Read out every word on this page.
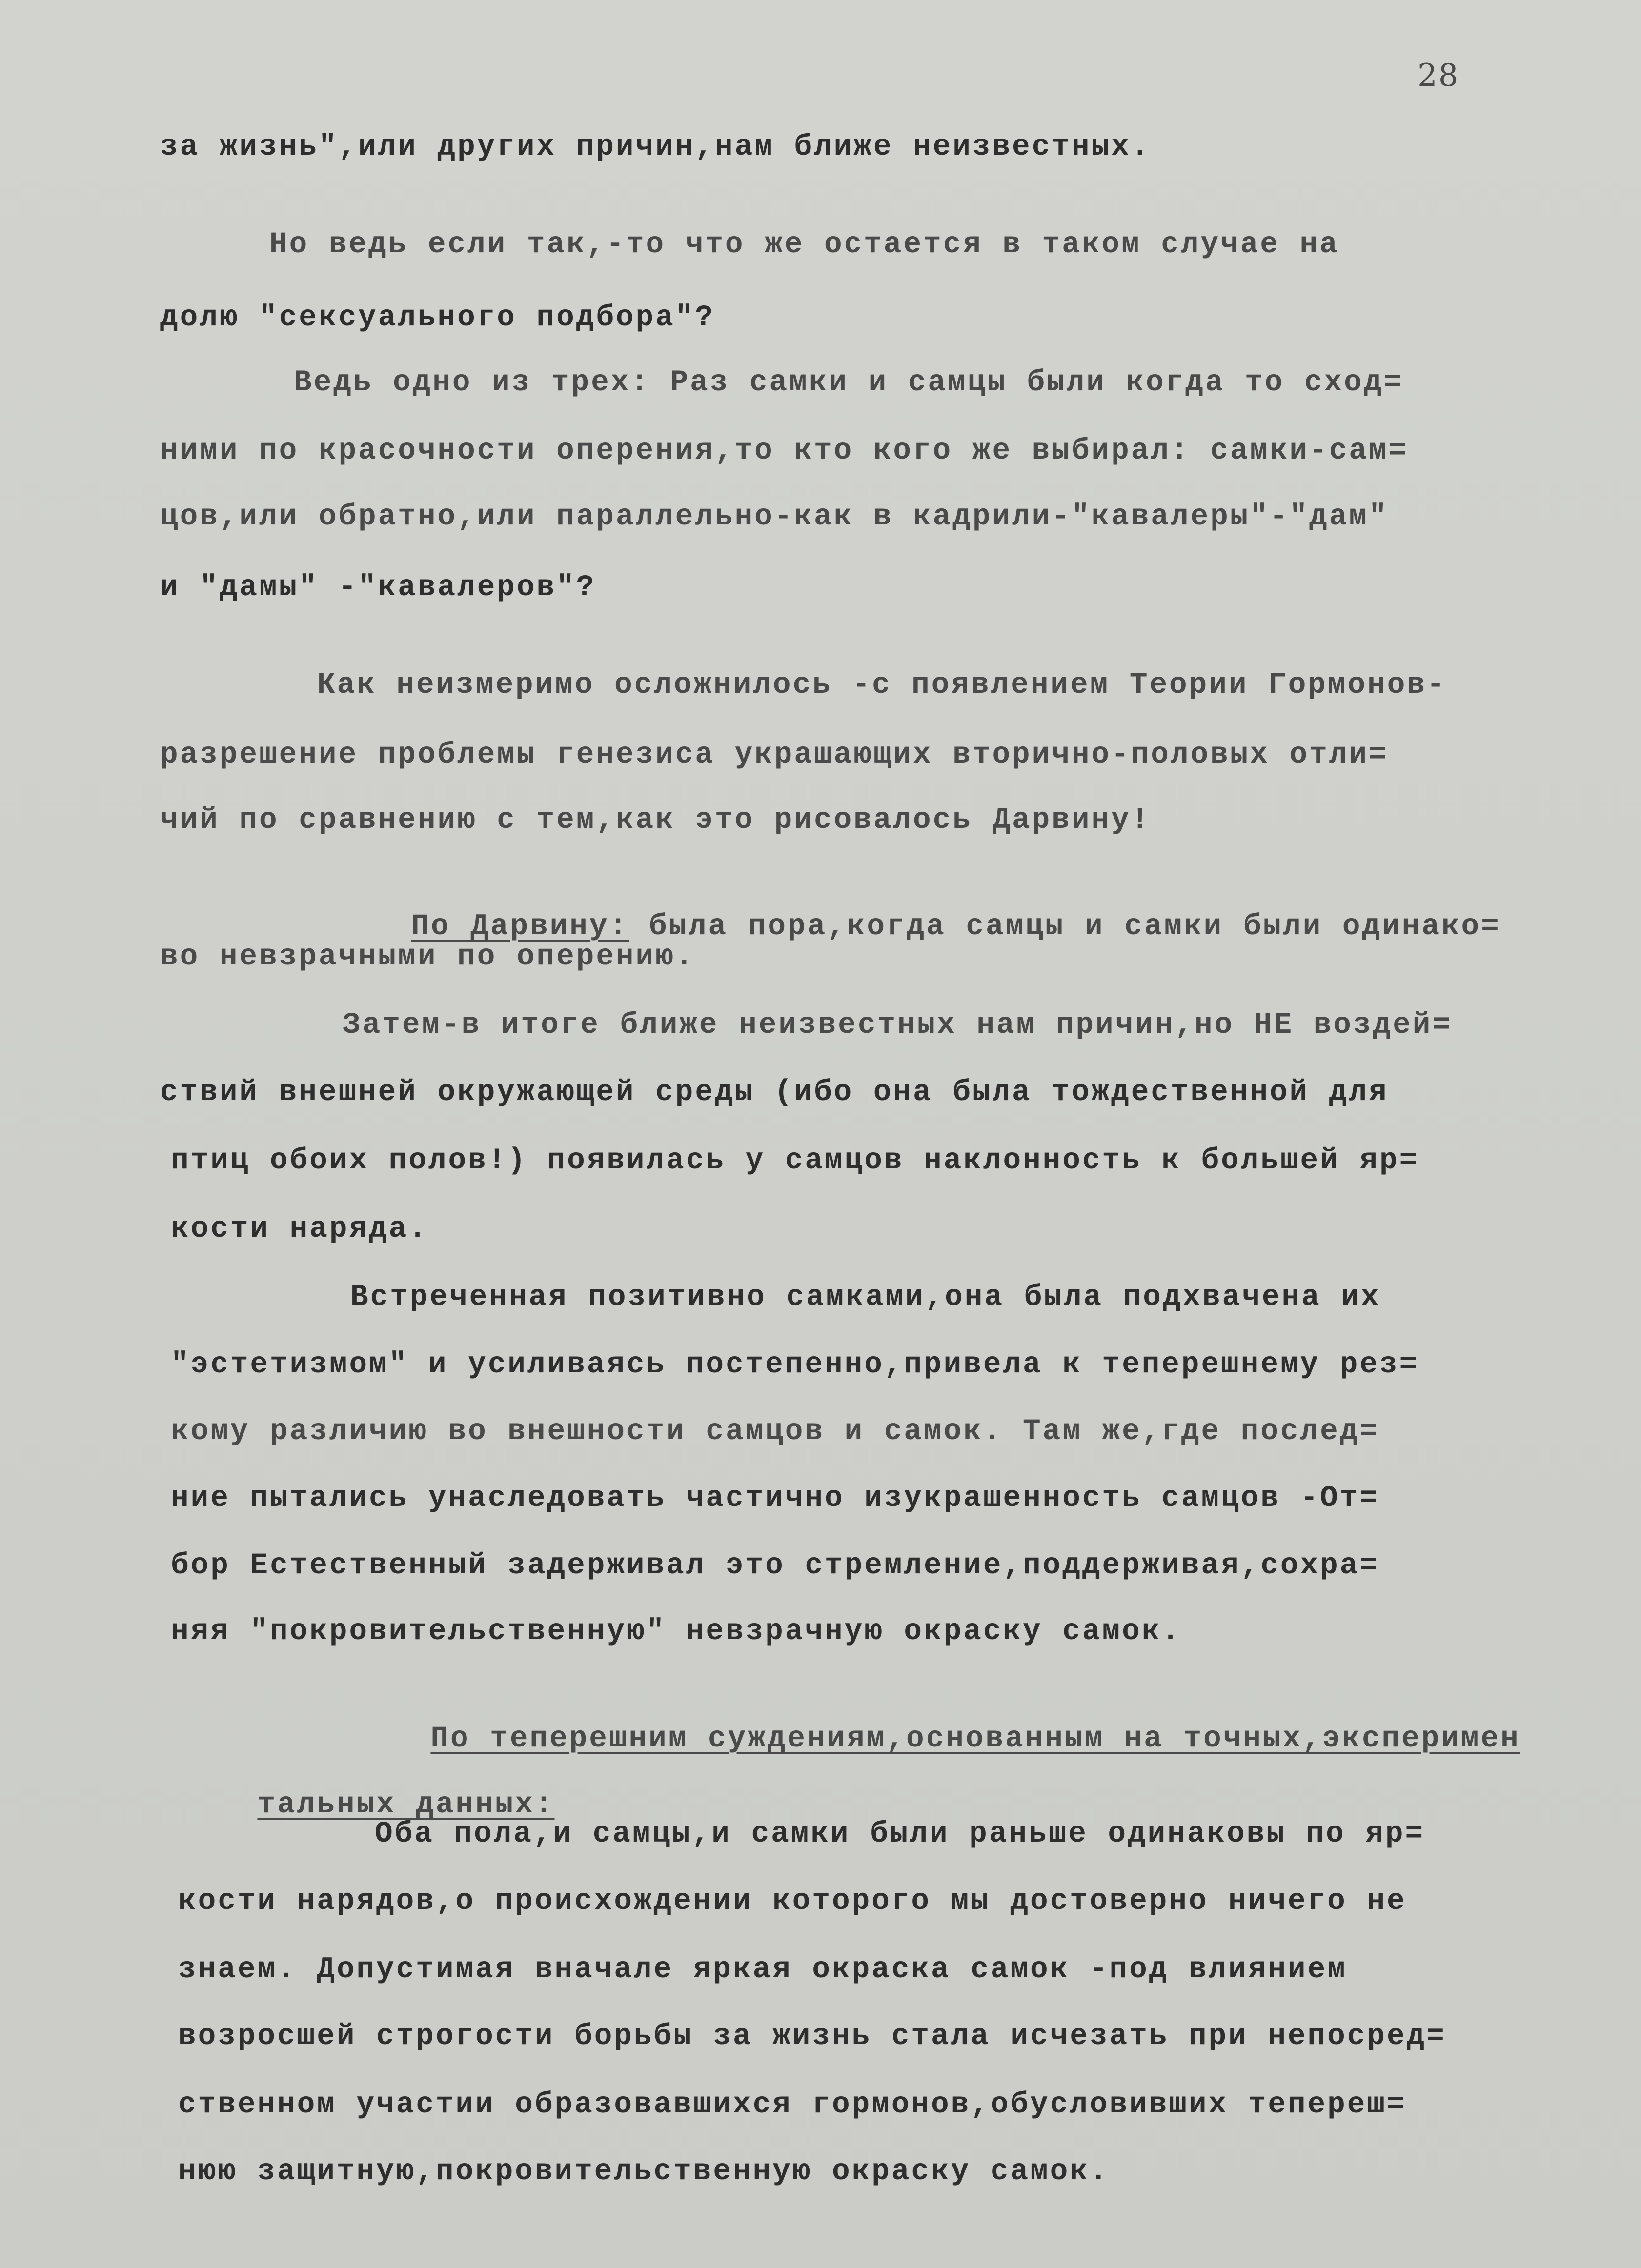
28
за жизнь",или других причин,нам ближе неизвестных.
Но ведь если так,-то что же остается в таком случае на
долю "сексуального подбора"?
Ведь одно из трех: Раз самки и самцы были когда то сход=
ними по красочности оперения,то кто кого же выбирал: самки-сам=
цов,или обратно,или параллельно-как в кадрили-"кавалеры"-"дам"
и "дамы" -"кавалеров"?
Как неизмеримо осложнилось -с появлением Теории Гормонов-
разрешение проблемы генезиса украшающих вторично-половых отли=
чий по сравнению с тем,как это рисовалось Дарвину!

По Дарвину: была пора,когда самцы и самки были одинако=

во невзрачными по оперению.
Затем-в итоге ближе неизвестных нам причин,но НЕ воздей=
ствий внешней окружающей среды (ибо она была тождественной для
птиц обоих полов!) появилась у самцов наклонность к большей яр=
кости наряда.
Встреченная позитивно самками,она была подхвачена их
"эстетизмом" и усиливаясь постепенно,привела к теперешнему рез=
кому различию во внешности самцов и самок. Там же,где послед=
ние пытались унаследовать частично изукрашенность самцов -От=
бор Естественный задерживал это стремление,поддерживая,сохра=
няя "покровительственную" невзрачную окраску самок.

По теперешним суждениям,основанным на точных,эксперимен

тальных данных:

Оба пола,и самцы,и самки были раньше одинаковы по яр=
кости нарядов,о происхождении которого мы достоверно ничего не
знаем. Допустимая вначале яркая окраска самок -под влиянием
возросшей строгости борьбы за жизнь стала исчезать при непосред=
ственном участии образовавшихся гормонов,обусловивших тепереш=
нюю защитную,покровительственную окраску самок.
